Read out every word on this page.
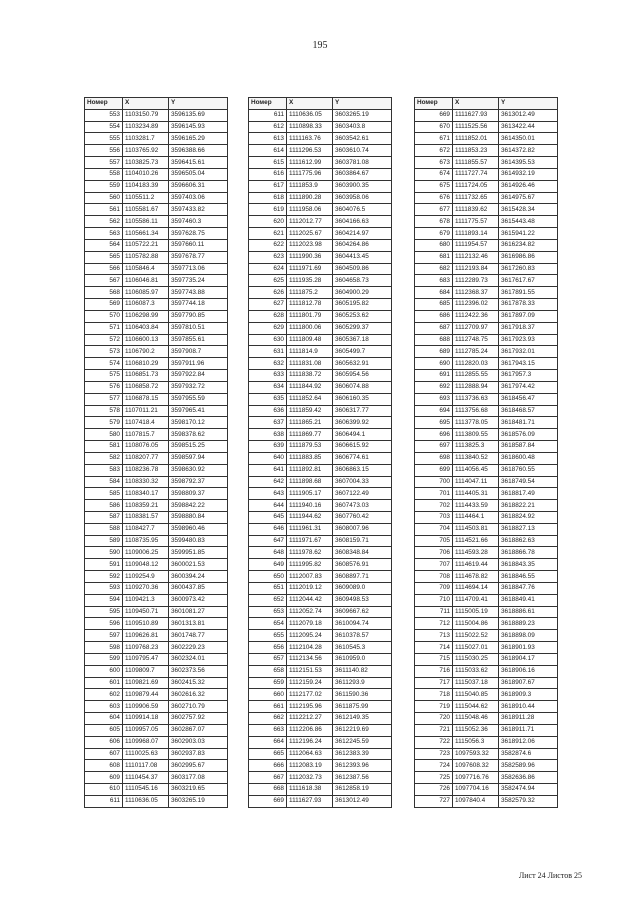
195
Номер	X	Y
553	1103150.79	3596135.69
554	1103234.89	3596145.93
555	1103281.7	3596165.29
556	1103765.92	3596388.66
557	1103825.73	3596415.61
558	1104010.26	3596505.04
559	1104183.39	3596606.31
560	1105511.2	3597403.06
561	1105581.67	3597433.82
562	1105586.11	3597460.3
563	1105661.34	3597628.75
564	1105722.21	3597660.11
565	1105782.88	3597678.77
566	1105846.4	3597713.06
567	1106046.81	3597735.24
568	1106085.97	3597743.88
569	1106087.3	3597744.18
570	1106298.99	3597790.85
571	1106403.84	3597810.51
572	1106600.13	3597855.61
573	1106790.2	3597908.7
574	1106810.29	3597911.96
575	1106851.73	3597922.84
576	1106858.72	3597932.72
577	1106878.15	3597955.59
578	1107011.21	3597965.41
579	1107418.4	3598170.12
580	1107815.7	3598378.62
581	1108076.05	3598515.25
582	1108207.77	3598597.94
583	1108236.78	3598630.92
584	1108330.32	3598792.37
585	1108340.17	3598809.37
586	1108359.21	3598842.22
587	1108381.57	3598880.84
588	1108427.7	3598960.46
589	1108735.95	3599480.83
590	1109006.25	3599951.85
591	1109048.12	3600021.53
592	1109254.9	3600394.24
593	1109270.36	3600437.85
594	1109421.3	3600973.42
595	1109450.71	3601081.27
596	1109510.89	3601313.81
597	1109626.81	3601748.77
598	1109768.23	3602229.23
599	1109795.47	3602324.01
600	1109809.7	3602373.56
601	1109821.69	3602415.32
602	1109879.44	3602616.32
603	1109906.59	3602710.79
604	1109914.18	3602757.92
605	1109957.05	3602867.07
606	1109968.07	3602903.03
607	1110025.63	3602937.83
608	1110117.08	3602995.67
609	1110454.37	3603177.08
610	1110545.16	3603219.65
611	1110636.05	3603265.19
Номер	X	Y
611	1110636.05	3603265.19
612	1110898.33	3603403.8
613	1111163.76	3603542.61
614	1111296.53	3603610.74
615	1111612.99	3603781.08
616	1111775.96	3603864.67
617	1111853.9	3603900.35
618	1111890.28	3603958.06
619	1111958.06	3604076.5
620	1112012.77	3604166.63
621	1112025.67	3604214.97
622	1112023.98	3604264.86
623	1111990.36	3604413.45
624	1111971.69	3604509.86
625	1111935.28	3604658.73
626	1111875.2	3604900.29
627	1111812.78	3605195.82
628	1111801.79	3605253.62
629	1111800.06	3605299.37
630	1111809.48	3605367.18
631	1111814.9	3605499.7
632	1111831.08	3605632.91
633	1111838.72	3605954.56
634	1111844.92	3606074.88
635	1111852.64	3606160.35
636	1111859.42	3606317.77
637	1111865.21	3606399.92
638	1111869.77	3606494.1
639	1111879.53	3606615.92
640	1111883.85	3606774.61
641	1111892.81	3606863.15
642	1111898.68	3607004.33
643	1111905.17	3607122.49
644	1111940.16	3607473.03
645	1111944.62	3607760.42
646	1111961.31	3608007.96
647	1111971.67	3608159.71
648	1111978.62	3608348.84
649	1111995.82	3608576.91
650	1112007.83	3608897.71
651	1112019.12	3609089.0
652	1112044.42	3609498.53
653	1112052.74	3609667.62
654	1112079.18	3610094.74
655	1112095.24	3610378.57
656	1112104.28	3610545.3
657	1112134.56	3610959.0
658	1112151.53	3611140.82
659	1112159.24	3611293.9
660	1112177.02	3611590.36
661	1112195.96	3611875.99
662	1112212.27	3612149.35
663	1112206.86	3612219.69
664	1112196.24	3612245.59
665	1112064.63	3612383.39
666	1112083.19	3612393.96
667	1112032.73	3612387.56
668	1111618.38	3612858.19
669	1111627.93	3613012.49
Номер	X	Y
669	1111627.93	3613012.49
670	1111525.56	3613422.44
671	1111852.01	3614350.01
672	1111853.23	3614372.82
673	1111855.57	3614395.53
674	1111727.74	3614932.19
675	1111724.05	3614926.46
676	1111732.65	3614975.67
677	1111839.62	3615428.34
678	1111775.57	3615443.48
679	1111893.14	3615941.22
680	1111954.57	3616234.82
681	1112132.46	3616986.86
682	1112193.84	3617260.83
683	1112289.73	3617617.67
684	1112368.37	3617891.55
685	1112396.02	3617878.33
686	1112422.36	3617897.09
687	1112709.97	3617918.37
688	1112748.75	3617923.93
689	1112785.24	3617932.01
690	1112820.03	3617943.15
691	1112855.55	3617957.3
692	1112888.94	3617974.42
693	1113736.63	3618456.47
694	1113756.68	3618468.57
695	1113778.05	3618481.71
696	1113809.55	3618576.09
697	1113825.3	3618587.84
698	1113840.52	3618600.48
699	1114056.45	3618760.55
700	1114047.11	3618749.54
701	1114405.31	3618817.49
702	1114433.59	3618822.21
703	1114464.1	3618824.92
704	1114503.81	3618827.13
705	1114521.66	3618862.63
706	1114593.28	3618866.78
707	1114619.44	3618843.35
708	1114678.82	3618846.55
709	1114694.14	3618847.76
710	1114709.41	3618849.41
711	1115005.19	3618886.61
712	1115004.86	3618889.23
713	1115022.52	3618898.09
714	1115027.01	3618901.93
715	1115030.25	3618904.17
716	1115033.62	3618906.16
717	1115037.18	3618907.67
718	1115040.85	3618909.3
719	1115044.62	3618910.44
720	1115048.46	3618911.28
721	1115052.36	3618911.71
722	1115056.3	3618912.06
723	1097593.32	3582874.6
724	1097608.32	3582589.96
725	1097716.76	3582636.86
726	1097704.16	3582474.94
727	1097840.4	3582579.32
Лист 24 Листов 25
